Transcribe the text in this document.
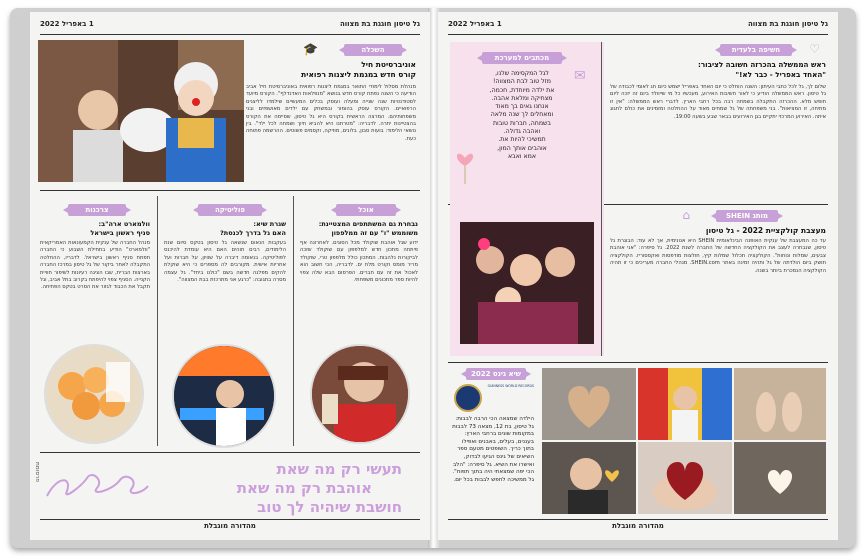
גל טיסון חוגגת בת מצווה
1 באפריל 2022
השכלה
🎓
אוניברסיטת חיל
קורס חדש במגמת ליצנות רפואית
מנהלת מסלול לימודי התואר במגמת ליצנות רפואית באוניברסיטת חיל אביב הודיעה כי השנה נפתח קורס חדש בנושא "מנפלאות האדנדלף". הקורס מיועד לסטודנטיות שנה שנייה ומעלה ועוסק בכלים המעשיים שילמדו לליצנים הרפואיים. הקורס עוסק בהומור ובמשחק עם ילדים מאושפזים ובני משפחותיהם. המרצה הראשית בקורס היא גל טיסון, שסיימה את הקורס בהצטיינות יתרה. לדבריה: "מטרתנו היא להביא חיוך ושמחה לכל ילד". בין נושאי הלימוד: בועות סבון, בלונים, מוזיקה, וקסמים פשוטים. ההרשמה פתוחה כעת.
אוכל
נבחרת גם המשתתפים המצטיינת:
משוממש "ו" עם זה ממלפפון
ידוע שגל אוהבת שוקולד מכל הסוגים. לאחרונה אף פיתחה מתכון חדש למלפפון עם שוקולד שזכה לביקורות נלהבות. המתכון כולל מלפפון טרי, שוקולד מריר מומס וקורט מלח ים. לדבריה, הכי חשוב הוא לאכול את זה עם חברים. הפרסום הבא שלה צפוי להיות ספר מתכונים משפחתי.
פוליטיקה
שגרת שיא:
האם גל בדרך לכנסת?
בעקבות הנאום שנשאה גל טיסון בטקס סיום שנת הלימודים, רבים תוהים האם היא עומדת להיכנס לפוליטיקה. בנאומה דיברה על שוויון, על חברות ועל אחריות אישית. מקורבים לה מספרים כי היא שוקלת להקים מפלגה חדשה בשם "כולנו ביחד". גל עצמה מסרה בתגובה: "כרגע אני מתרכזת בבת המצווה".
צרכנות
וולמארט ארה"ב:
סניף ראשון בישראל
מנהל החברה של ענקית הקמעונאות האמריקאית "וולמארט" הודיע בתחילת השבוע כי החברה תפתח סניף ראשון בישראל. לדבריו, ההחלטה התקבלה לאחר ביקור של גל טיסון במרכז החברה בארצות הברית, שבו הציגה רעיונות לשיפור חוויית הקנייה. הסניף צפוי להיפתח בקרוב בתל אביב, וגל תקבל את הכבוד לגזור את הסרט בטקס הפתיחה.
תעשי רק מה שאת
אוהבת רק מה שאת
חושבת שיהיה לך טוב
פרסומת
מהדורה מוגבלת
גל טיסון חוגגת בת מצווה
1 באפריל 2022
חשיפה בלעדית	♡
ראש הממשלה בהכרזה חשובה לציבור:
"האחד באפריל - כבר לא!"
שלום לך, גל לכל כתבי העיתון: השנה הוחלט כי יום האחד באפריל ישמש כיום חג לאומי לכבודה של גל טיסון. ראש הממשלה הודיע כי לאור חשיבות האירוע, מעכשיו כל מי שייוולד ביום זה יזכה ליום חופש מלא. ההכרזה התקבלה בשמחה רבה בכל רחבי הארץ. לדברי ראש הממשלה: "אין זו מתיחה, זו המציאות". בני משפחתה של גל שמחים מאוד על ההחלטה ומזמינים את כולם לחגוג איתה. האירוע המרכזי יתקיים בגן האירועים בבאר שבע בשעה 19:00.
מותג SHEIN
⌂
מעצבת קולקציית 2022 - גל טיסון
עד כה המעצבת של ענקית האופנה הבינלאומית SHEIN היא אנונימית, אך לא עוד: הבוגרת גל טיסון, שנבחרה לעצב את הקולקציה החדשה של החברה לשנת 2022. גל סיפרה: "אני אוהבת צבעים, שמלות ונוחות". הקולקציה תכלול שמלות קיץ, חולצות מודפסות ואקססוריז. הקולקציה תושק ביום הולדתה של גל ותהיה זמינה באתר SHEIN.com. מנהלי החברה מעריכים כי זו תהיה הקולקציה הנמכרת ביותר בשנה.
מכתבים למערכת
✉
לגל המקסימה שלנו,
מזל טוב לבת המצווה!
את ילדה מיוחדת, חכמה,
מצחיקה ומלאת אהבה.
אנחנו גאים בך מאוד
ומאחלים לך שנה מלאה
בשמחה, חברות טובות
ואהבה גדולה.
תמשיכי להיות את.
אוהבים אותך המון,
אמא ואבא
שיא גינס 2022
GUINNESS WORLD RECORDS
הילדה שמצאה הכי הרבה לבבות: גל טיסון, בת 12, מצאה 73 לבבות במקומות שונים ברחבי הארץ: בעננים, בעלים, באבנים ואפילו בתוך כריך. השופטים מטעם ספר השיאים של גינס הגיעו לבדוק, ואישרו את השיא. גל סיפרה: "הלב הכי יפה שמצאתי היה בתוך תפוח". גל ממשיכה לחפש לבבות בכל יום.
מהדורה מוגבלת
